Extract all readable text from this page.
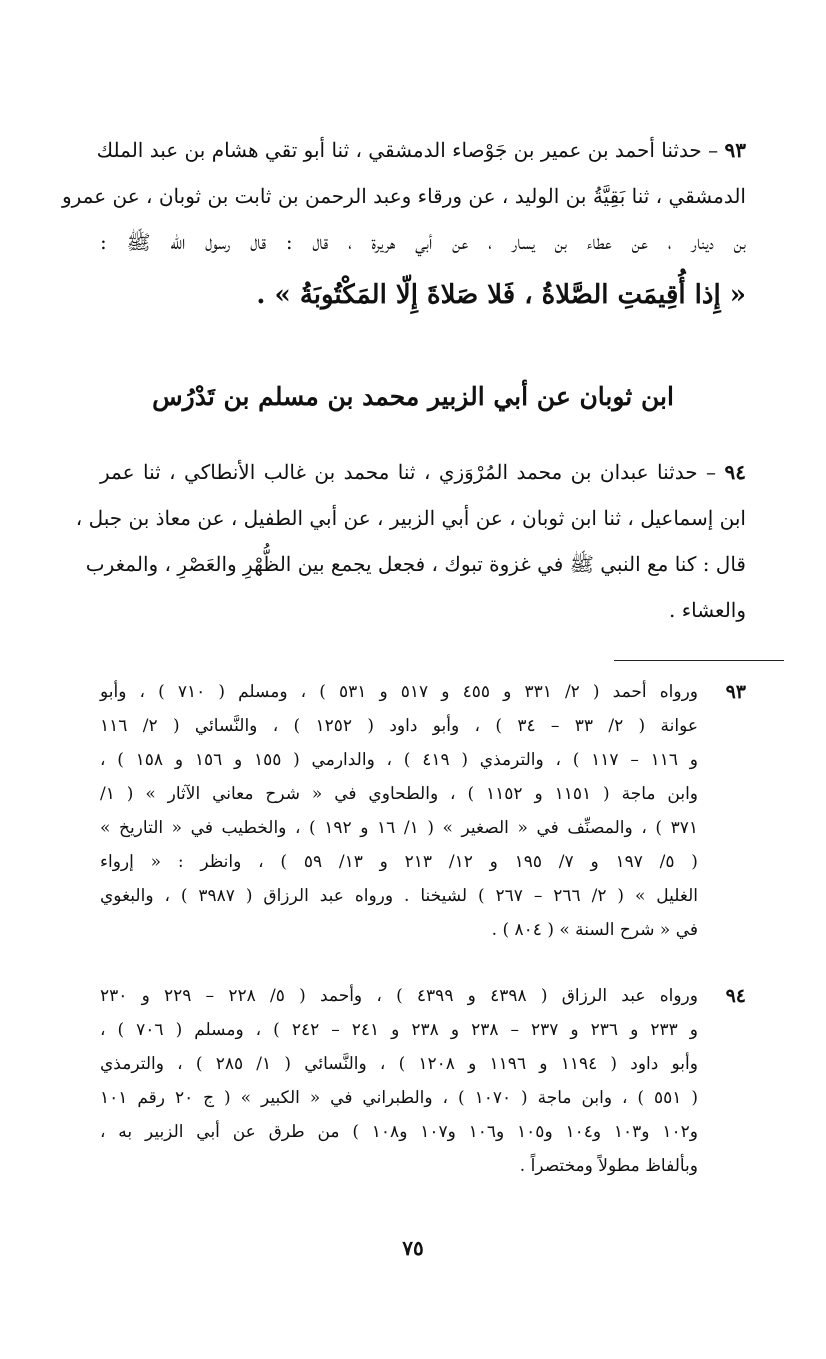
٩٣ – حدثنا أحمد بن عمير بن جَوْصاء الدمشقي ، ثنا أبو تقي هشام بن عبد الملك
الدمشقي ، ثنا بَقِيَّةُ بن الوليد ، عن ورقاء وعبد الرحمن بن ثابت بن ثوبان ، عن عمرو
بن دينار ، عن عطاء بن يسار ، عن أبي هريرة ، قال : قال رسول الله ﷺ :
« إِذا أُقِيمَتِ الصَّلاةُ ، فَلا صَلاةَ إِلّا المَكْتُوبَةُ » .
ابن ثوبان عن أبي الزبير محمد بن مسلم بن تَدْرُس
٩٤ – حدثنا عبدان بن محمد المُرْوَزي ، ثنا محمد بن غالب الأنطاكي ، ثنا عمر
ابن إسماعيل ، ثنا ابن ثوبان ، عن أبي الزبير ، عن أبي الطفيل ، عن معاذ بن جبل ،
قال : كنا مع النبي ﷺ في غزوة تبوك ، فجعل يجمع بين الظُّهْرِ والعَصْرِ ، والمغرب
والعشاء .
٩٣
ورواه أحمد ( ٢/ ٣٣١ و ٤٥٥ و ٥١٧ و ٥٣١ ) ، ومسلم ( ٧١٠ ) ، وأبو
عوانة ( ٢/ ٣٣ – ٣٤ ) ، وأبو داود ( ١٢٥٢ ) ، والنَّسائي ( ٢/ ١١٦
و ١١٦ – ١١٧ ) ، والترمذي ( ٤١٩ ) ، والدارمي ( ١٥٥ و ١٥٦ و ١٥٨ ) ،
وابن ماجة ( ١١٥١ و ١١٥٢ ) ، والطحاوي في « شرح معاني الآثار » ( ١/
٣٧١ ) ، والمصنِّف في « الصغير » ( ١/ ١٦ و ١٩٢ ) ، والخطيب في « التاريخ »
( ٥/ ١٩٧ و ٧/ ١٩٥ و ١٢/ ٢١٣ و ١٣/ ٥٩ ) ، وانظر : « إرواء
الغليل » ( ٢/ ٢٦٦ – ٢٦٧ ) لشيخنا . ورواه عبد الرزاق ( ٣٩٨٧ ) ، والبغوي
في « شرح السنة » ( ٨٠٤ ) .
٩٤
ورواه عبد الرزاق ( ٤٣٩٨ و ٤٣٩٩ ) ، وأحمد ( ٥/ ٢٢٨ – ٢٢٩ و ٢٣٠
و ٢٣٣ و ٢٣٦ و ٢٣٧ – ٢٣٨ و ٢٣٨ و ٢٤١ – ٢٤٢ ) ، ومسلم ( ٧٠٦ ) ،
وأبو داود ( ١١٩٤ و ١١٩٦ و ١٢٠٨ ) ، والنَّسائي ( ١/ ٢٨٥ ) ، والترمذي
( ٥٥١ ) ، وابن ماجة ( ١٠٧٠ ) ، والطبراني في « الكبير » ( ج ٢٠ رقم ١٠١
و١٠٢ و١٠٣ و١٠٤ و١٠٥ و١٠٦ و١٠٧ و١٠٨ ) من طرق عن أبي الزبير به ،
وبألفاظ مطولاً ومختصراً .
٧٥
